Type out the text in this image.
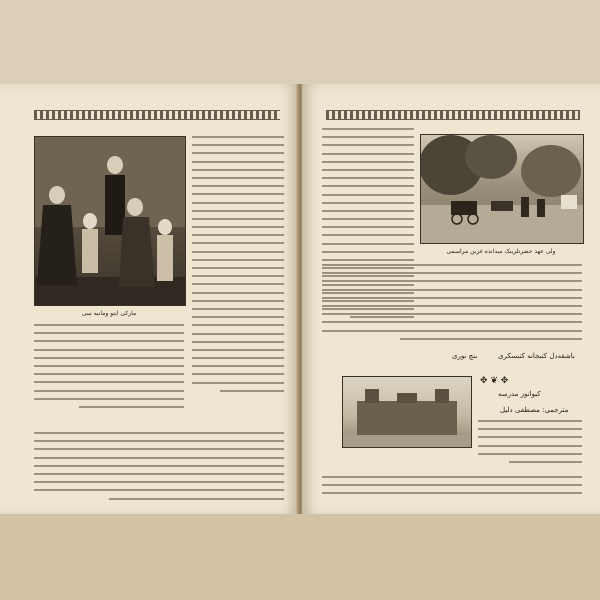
مارکی ایتو ومانیه سی
ولی عهد حضرتلرینک میدانده غزین مراسمی
بنچ نوری	باشقه‌دل کتبجانه کتبسکری
✥ ❦ ✥
کیوانور مدرسه
مترجمی: مصطفی دلیل
